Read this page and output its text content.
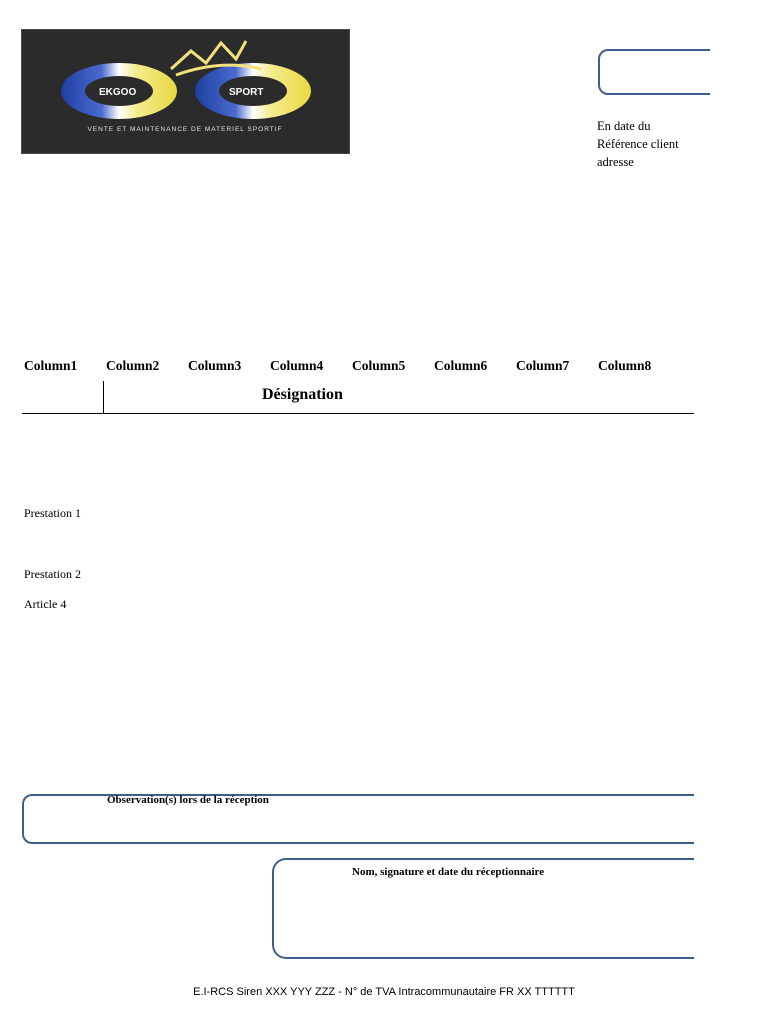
EKGOO	SPORT
VENTE ET MAINTENANCE DE MATERIEL SPORTIF	En date du
Référence client
adresse
Column1 Column2 Column3 Column4 Column5 Column6 Column7 Column8
Désignation
Prestation 1
Prestation 2
Article 4
Observation(s) lors de la réception
Nom, signature et date du réceptionnaire
E.I-RCS Siren XXX YYY ZZZ - N° de TVA Intracommunautaire FR XX TTTTTT
